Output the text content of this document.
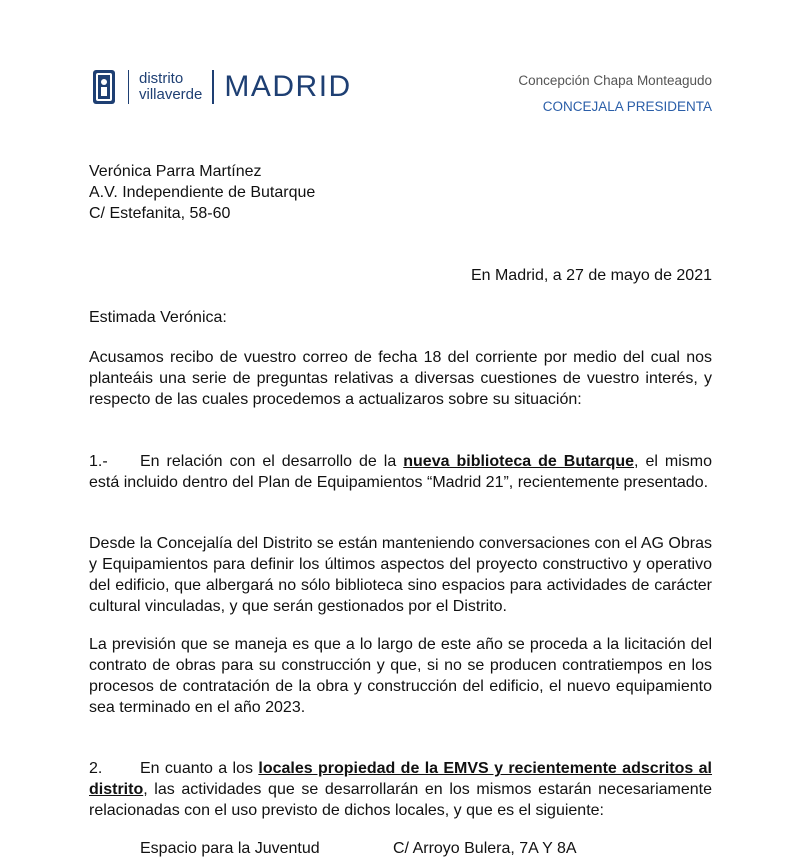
distrito
villaverde MADRID	Concepción Chapa Monteagudo
CONCEJALA PRESIDENTA
Verónica Parra Martínez
A.V. Independiente de Butarque
C/ Estefanita, 58-60
En Madrid, a 27 de mayo de 2021
Estimada Verónica:
Acusamos recibo de vuestro correo de fecha 18 del corriente por medio del cual nos planteáis una serie de preguntas relativas a diversas cuestiones de vuestro interés, y respecto de las cuales procedemos a actualizaros sobre su situación:
1.- En relación con el desarrollo de la nueva biblioteca de Butarque, el mismo está incluido dentro del Plan de Equipamientos “Madrid 21”, recientemente presentado.
Desde la Concejalía del Distrito se están manteniendo conversaciones con el AG Obras y Equipamientos para definir los últimos aspectos del proyecto constructivo y operativo del edificio, que albergará no sólo biblioteca sino espacios para actividades de carácter cultural vinculadas, y que serán gestionados por el Distrito.
La previsión que se maneja es que a lo largo de este año se proceda a la licitación del contrato de obras para su construcción y que, si no se producen contratiempos en los procesos de contratación de la obra y construcción del edificio, el nuevo equipamiento sea terminado en el año 2023.
2. En cuanto a los locales propiedad de la EMVS y recientemente adscritos al distrito, las actividades que se desarrollarán en los mismos estarán necesariamente relacionadas con el uso previsto de dichos locales, y que es el siguiente:
Espacio para la Juventud	C/ Arroyo Bulera, 7A Y 8A
